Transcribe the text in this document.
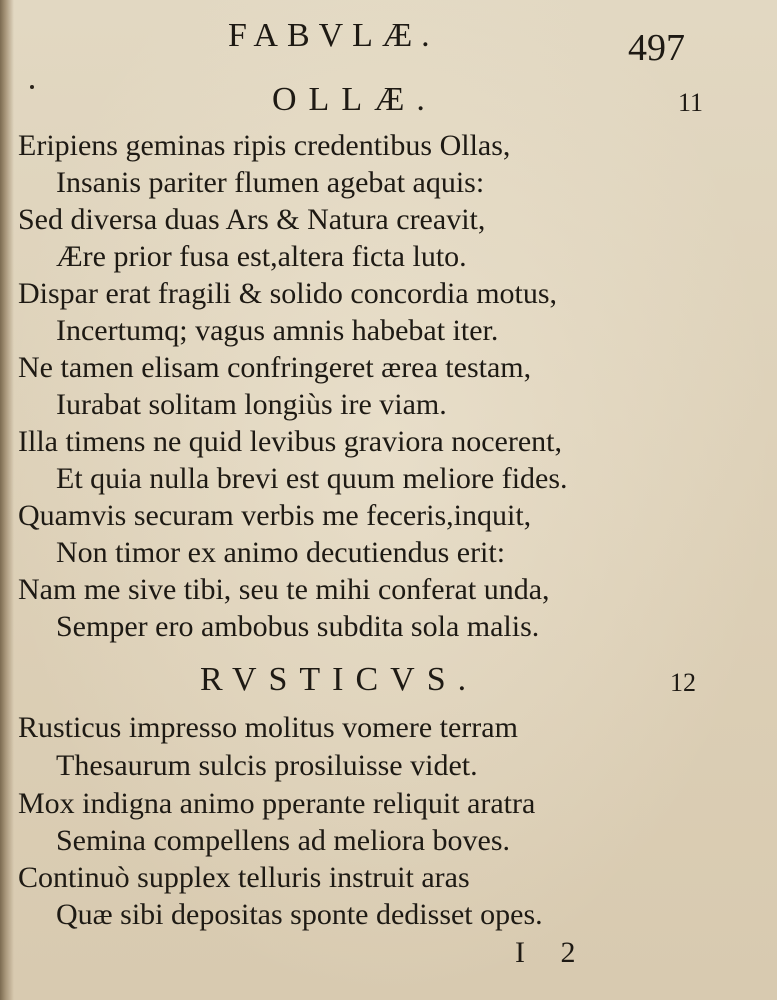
FABVLÆ.	497
OLLÆ.	11
Eripiens geminas ripis credentibus Ollas,
Insanis pariter flumen agebat aquis:
Sed diversa duas Ars & Natura creavit,
Ære prior fusa est,altera ficta luto.
Dispar erat fragili & solido concordia motus,
Incertumq; vagus amnis habebat iter.
Ne tamen elisam confringeret ærea testam,
Iurabat solitam longiùs ire viam.
Illa timens ne quid levibus graviora nocerent,
Et quia nulla brevi est quum meliore fides.
Quamvis securam verbis me feceris,inquit,
Non timor ex animo decutiendus erit:
Nam me sive tibi, seu te mihi conferat unda,
Semper ero ambobus subdita sola malis.
RVSTICVS.	12
Rusticus impresso molitus vomere terram
Thesaurum sulcis prosiluisse videt.
Mox indigna animo pperante reliquit aratra
Semina compellens ad meliora boves.
Continuò supplex telluris instruit aras
Quæ sibi depositas sponte dedisset opes.
I 2
